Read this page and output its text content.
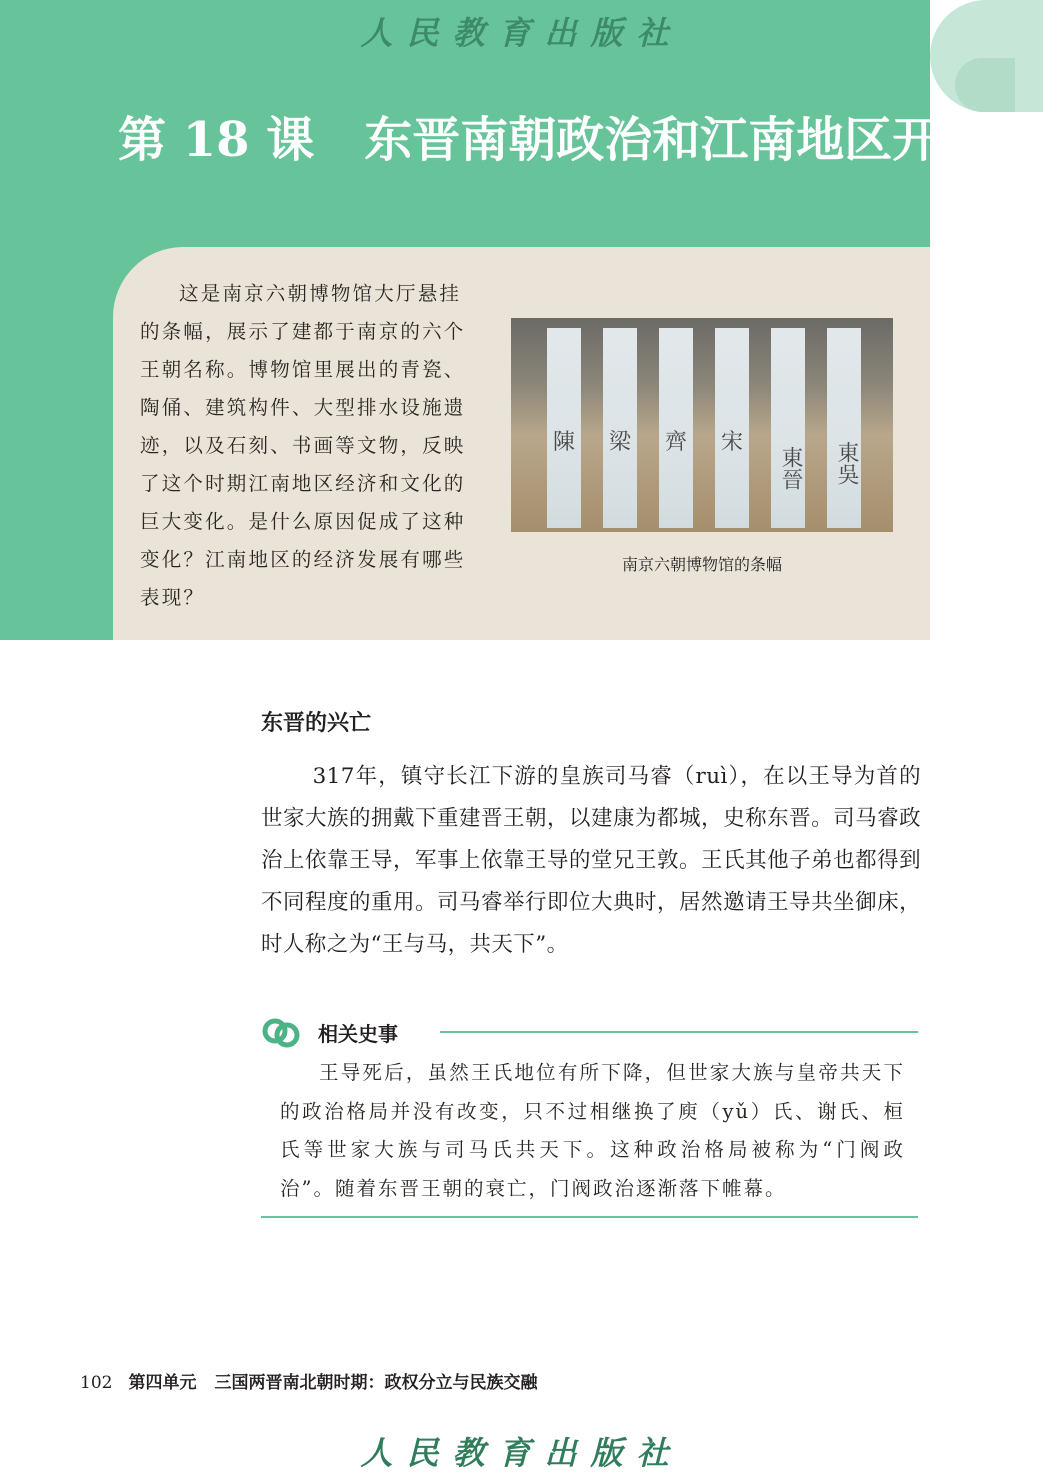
人民教育出版社
第 18 课 东晋南朝政治和江南地区开发
这是南京六朝博物馆大厅悬挂的条幅，展示了建都于南京的六个王朝名称。博物馆里展出的青瓷、陶俑、建筑构件、大型排水设施遗迹，以及石刻、书画等文物，反映了这个时期江南地区经济和文化的巨大变化。是什么原因促成了这种变化？江南地区的经济发展有哪些表现？
陳 梁 齊 宋
東晉 東吳
南京六朝博物馆的条幅
东晋的兴亡
317年，镇守长江下游的皇族司马睿（ruì），在以王导为首的世家大族的拥戴下重建晋王朝，以建康为都城，史称东晋。司马睿政治上依靠王导，军事上依靠王导的堂兄王敦。王氏其他子弟也都得到不同程度的重用。司马睿举行即位大典时，居然邀请王导共坐御床，时人称之为“王与马，共天下”。
相关史事
王导死后，虽然王氏地位有所下降，但世家大族与皇帝共天下的政治格局并没有改变，只不过相继换了庾（yǔ）氏、谢氏、桓氏等世家大族与司马氏共天下。这种政治格局被称为“门阀政治”。随着东晋王朝的衰亡，门阀政治逐渐落下帷幕。
102 第四单元 三国两晋南北朝时期：政权分立与民族交融
人民教育出版社
